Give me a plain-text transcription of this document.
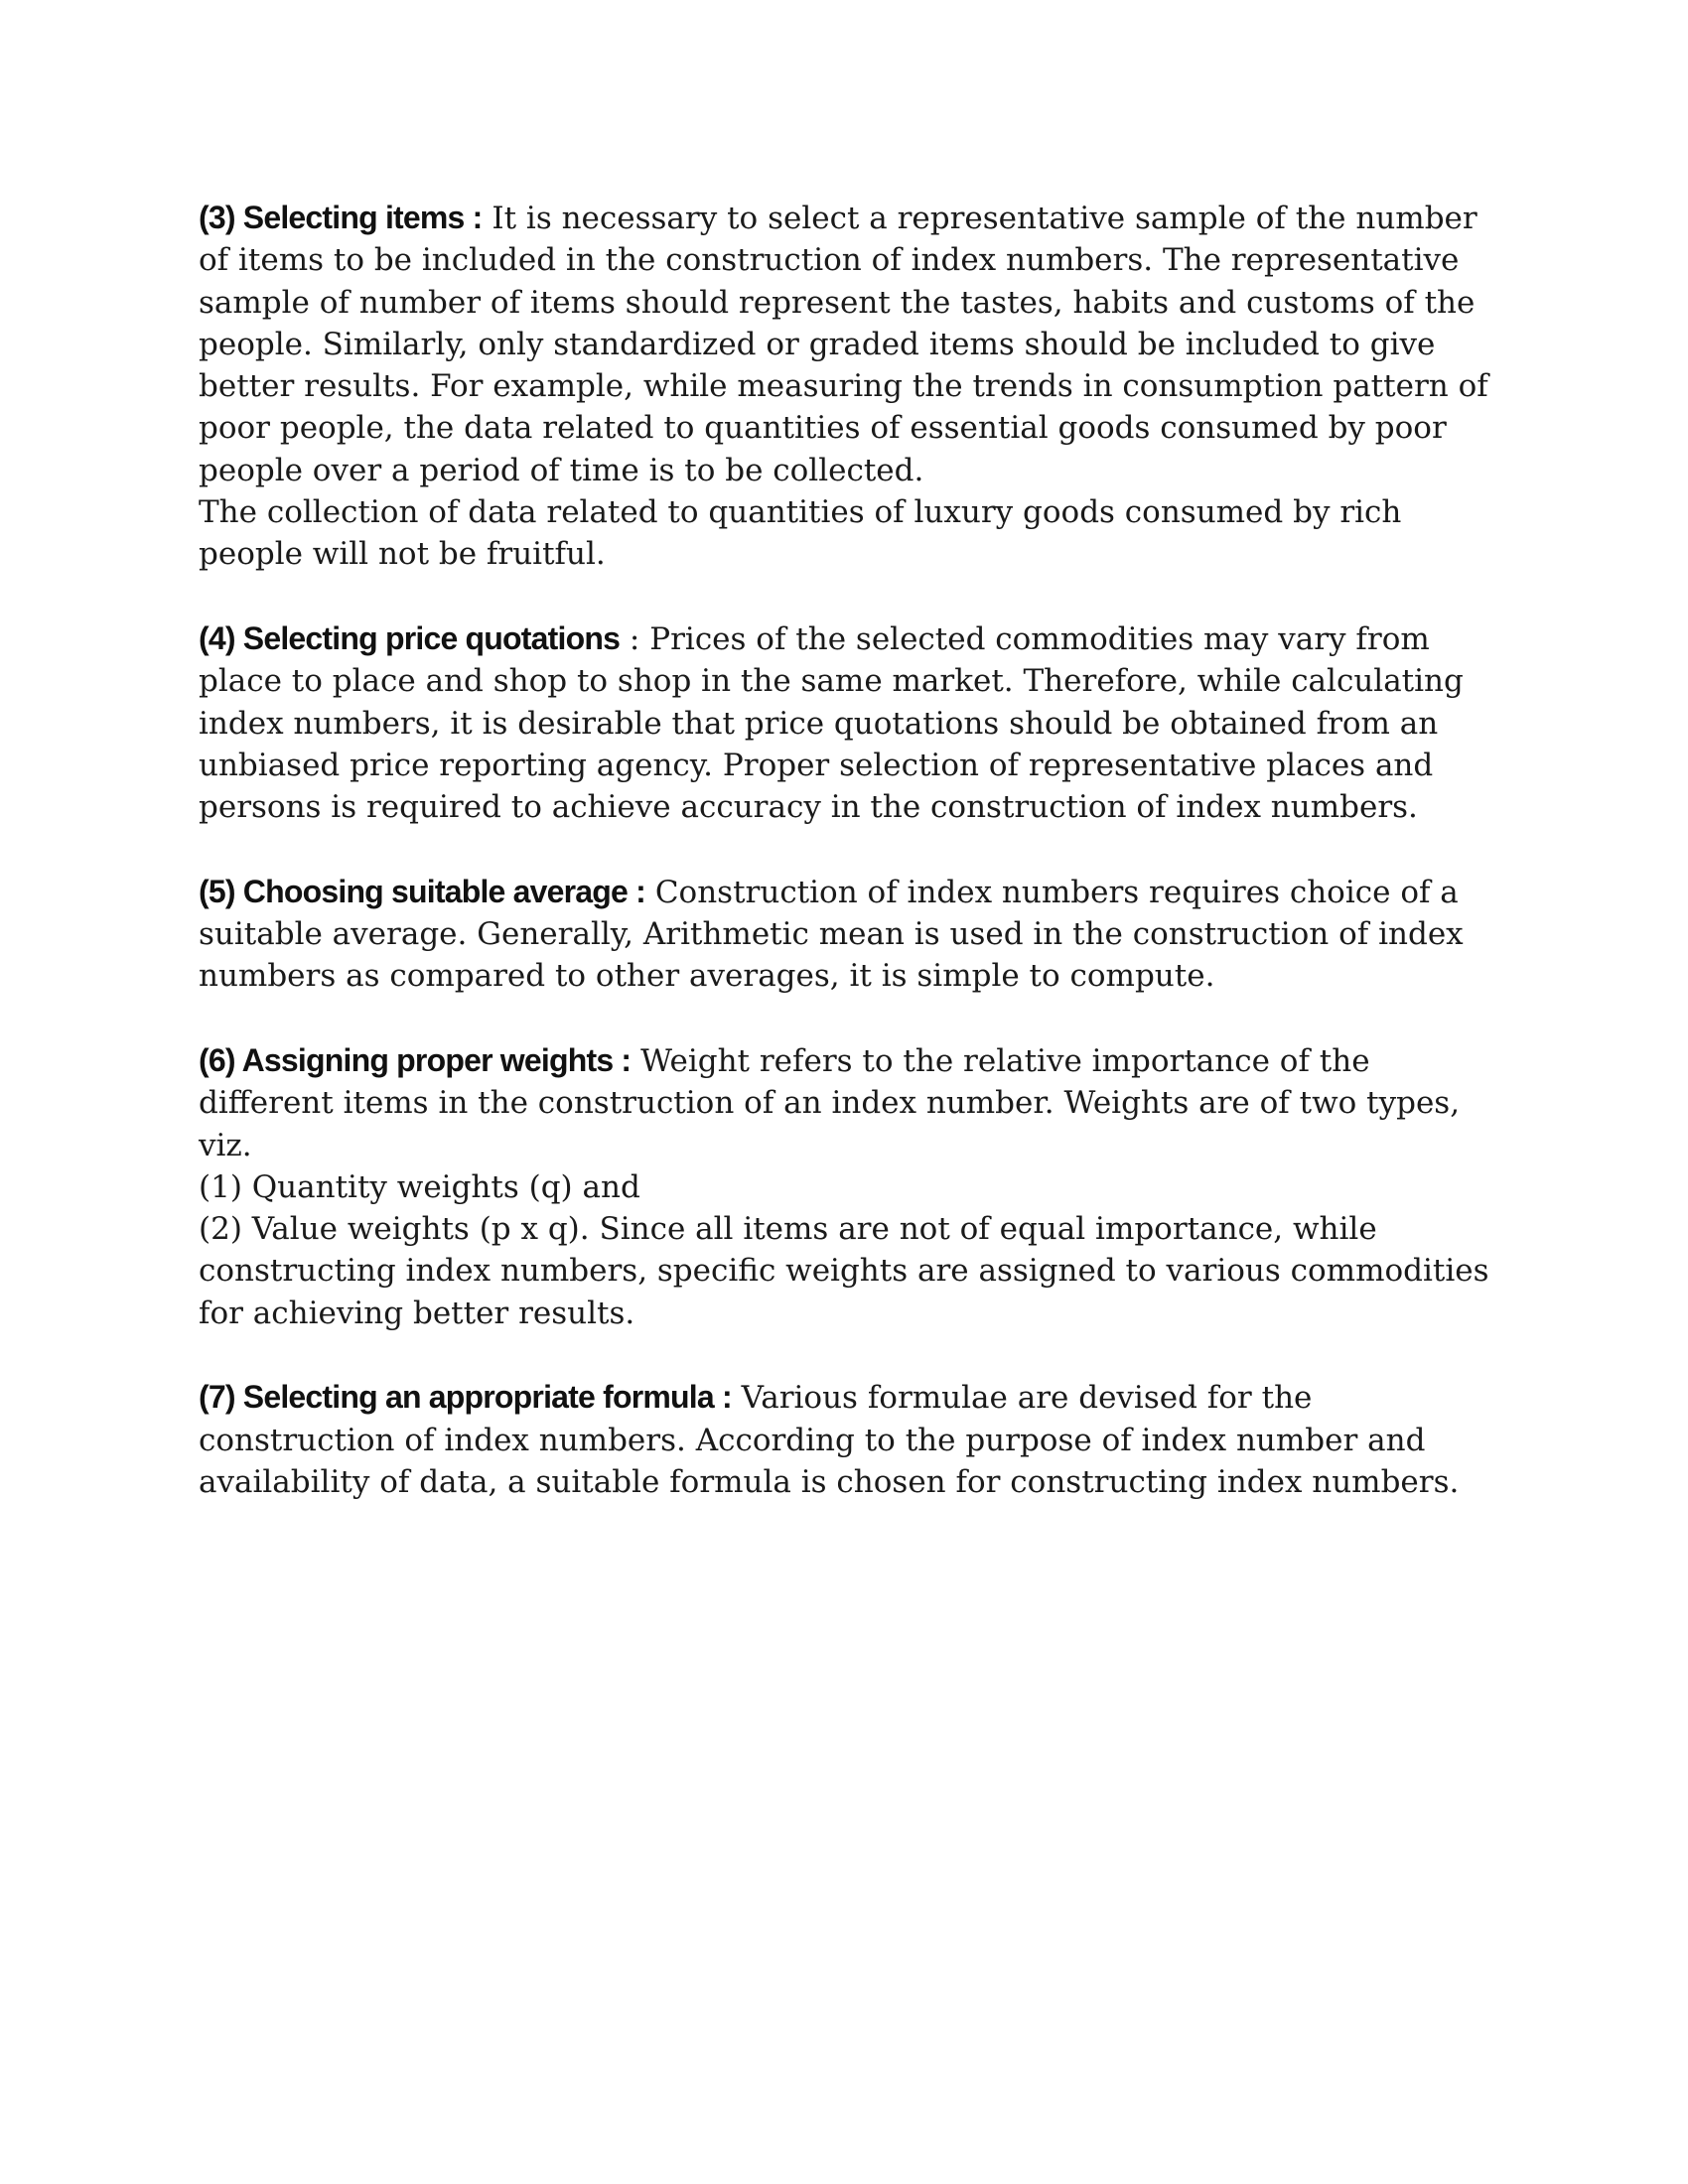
(3) Selecting items : It is necessary to select a representative sample of the number of items to be included in the construction of index numbers. The representative sample of number of items should represent the tastes, habits and customs of the people. Similarly, only standardized or graded items should be included to give better results. For example, while measuring the trends in consumption pattern of poor people, the data related to quantities of essential goods consumed by poor people over a period of time is to be collected.
The collection of data related to quantities of luxury goods consumed by rich people will not be fruitful.
(4) Selecting price quotations : Prices of the selected commodities may vary from place to place and shop to shop in the same market. Therefore, while calculating index numbers, it is desirable that price quotations should be obtained from an unbiased price reporting agency. Proper selection of representative places and persons is required to achieve accuracy in the construction of index numbers.
(5) Choosing suitable average : Construction of index numbers requires choice of a suitable average. Generally, Arithmetic mean is used in the construction of index numbers as compared to other averages, it is simple to compute.
(6) Assigning proper weights : Weight refers to the relative importance of the different items in the construction of an index number. Weights are of two types, viz.
(1) Quantity weights (q) and
(2) Value weights (p x q). Since all items are not of equal importance, while constructing index numbers, specific weights are assigned to various commodities for achieving better results.
(7) Selecting an appropriate formula : Various formulae are devised for the construction of index numbers. According to the purpose of index number and availability of data, a suitable formula is chosen for constructing index numbers.
